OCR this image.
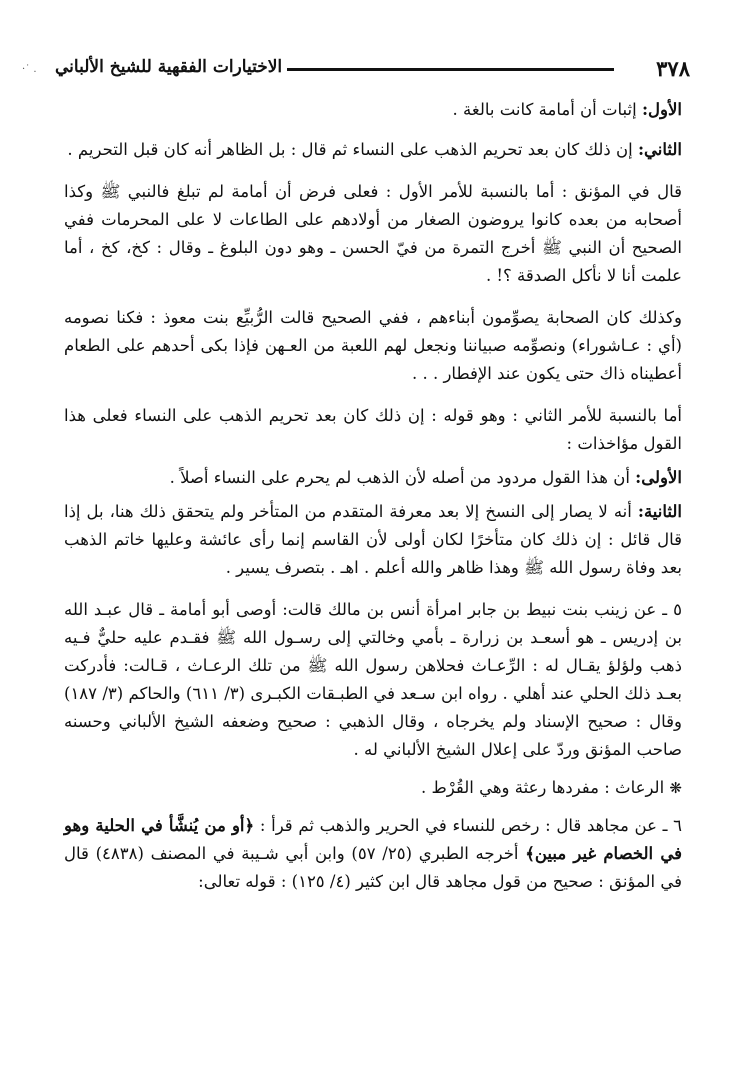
٣٧٨
الاختيارات الفقهية للشيخ الألباني
·˙ .

الأول: إثبات أن أمامة كانت بالغة .

الثاني: إن ذلك كان بعد تحريم الذهب على النساء ثم قال : بل الظاهر أنه كان قبل التحريم .

قال في المؤنق : أما بالنسبة للأمر الأول : فعلى فرض أن أمامة لم تبلغ فالنبي ﷺ وكذا أصحابه من بعده كانوا يروضون الصغار من أولادهم على الطاعات لا على المحرمات ففي الصحيح أن النبي ﷺ أخرج التمرة من فيّ الحسن ـ وهو دون البلوغ ـ وقال : كخ، كخ ، أما علمت أنا لا نأكل الصدقة ؟! .

وكذلك كان الصحابة يصوِّمون أبناءهم ، ففي الصحيح قالت الرُّبيِّع بنت معوذ : فكنا نصومه (أي : عـاشوراء) ونصوِّمه صبياننا ونجعل لهم اللعبة من العـهن فإذا بكى أحدهم على الطعام أعطيناه ذاك حتى يكون عند الإفطار . . .

أما بالنسبة للأمر الثاني : وهو قوله : إن ذلك كان بعد تحريم الذهب على النساء فعلى هذا القول مؤاخذات :

الأولى: أن هذا القول مردود من أصله لأن الذهب لم يحرم على النساء أصلاً .

الثانية: أنه لا يصار إلى النسخ إلا بعد معرفة المتقدم من المتأخر ولم يتحقق ذلك هنا، بل إذا قال قائل : إن ذلك كان متأخرًا لكان أولى لأن القاسم إنما رأى عائشة وعليها خاتم الذهب بعد وفاة رسول الله ﷺ وهذا ظاهر والله أعلم . اهـ . بتصرف يسير .

٥ ـ عن زينب بنت نبيط بن جابر امرأة أنس بن مالك قالت: أوصى أبو أمامة ـ قال عبـد الله بن إدريس ـ هو أسعـد بن زرارة ـ بأمي وخالتي إلى رسـول الله ﷺ فقـدم عليه حليٌّ فـيه ذهب ولؤلؤ يقـال له : الرِّعـاث فحلاهن رسول الله ﷺ من تلك الرعـاث ، قـالت: فأدركت بعـد ذلك الحلي عند أهلي . رواه ابن سـعد في الطبـقات الكبـرى (٣/ ٦١١) والحاكم (٣/ ١٨٧) وقال : صحيح الإسناد ولم يخرجاه ، وقال الذهبي : صحيح وضعفه الشيخ الألباني وحسنه صاحب المؤنق وردّ على إعلال الشيخ الألباني له .

❋ الرعاث : مفردها رعثة وهي القُرْط .

٦ ـ عن مجاهد قال : رخص للنساء في الحرير والذهب ثم قرأ : ﴿أو من يُنشَّأ في الحلية وهو في الخصام غير مبين﴾ أخرجه الطبري (٢٥/ ٥٧) وابن أبي شـيبة في المصنف (٤٨٣٨) قال في المؤنق : صحيح من قول مجاهد قال ابن كثير (٤/ ١٢٥) : قوله تعالى:
